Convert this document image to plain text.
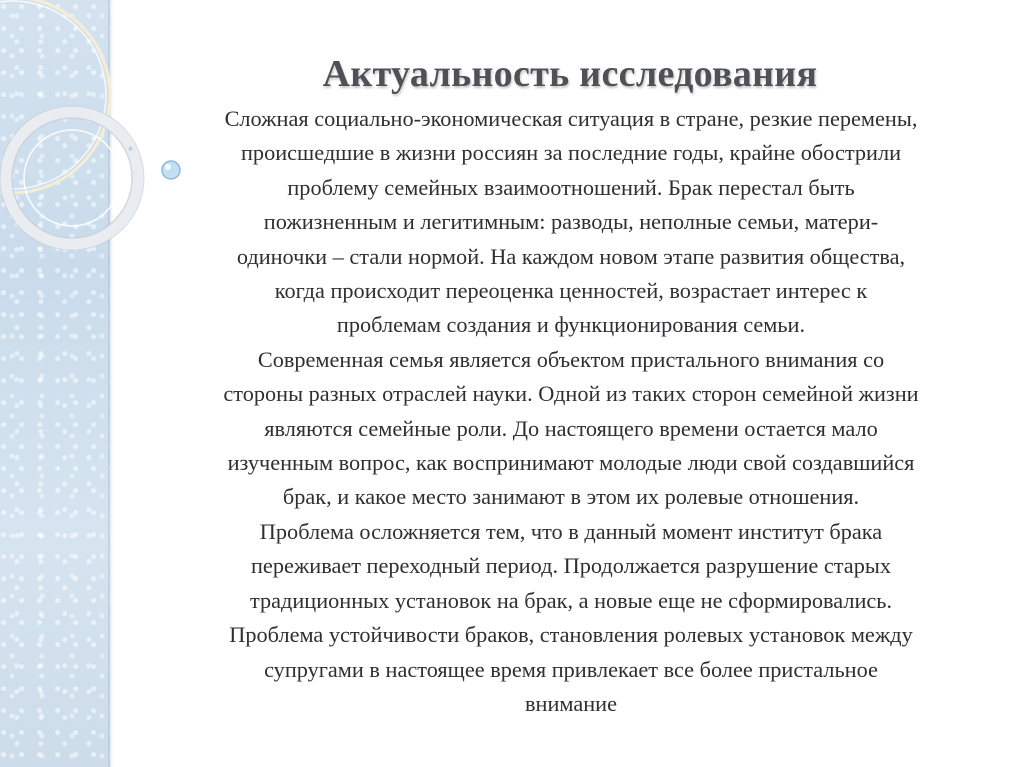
Актуальность исследования
◦
Сложная социально-экономическая ситуация в стране, резкие перемены,
происшедшие в жизни россиян за последние годы, крайне обострили
проблему семейных взаимоотношений. Брак перестал быть
пожизненным и легитимным: разводы, неполные семьи, матери-
одиночки – стали нормой. На каждом новом этапе развития общества,
когда происходит переоценка ценностей, возрастает интерес к
проблемам создания и функционирования семьи.
Современная семья является объектом пристального внимания со
стороны разных отраслей науки. Одной из таких сторон семейной жизни
являются семейные роли. До настоящего времени остается мало
изученным вопрос, как воспринимают молодые люди свой создавшийся
брак, и какое место занимают в этом их ролевые отношения.
Проблема осложняется тем, что в данный момент институт брака
переживает переходный период. Продолжается разрушение старых
традиционных установок на брак, а новые еще не сформировались.
Проблема устойчивости браков, становления ролевых установок между
супругами в настоящее время привлекает все более пристальное
внимание
